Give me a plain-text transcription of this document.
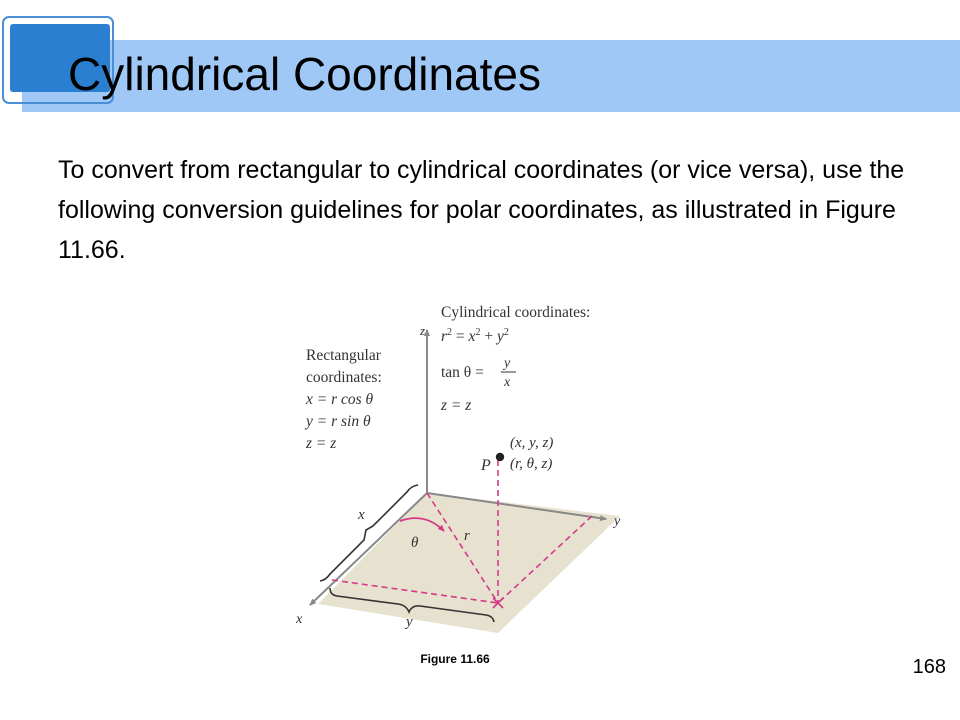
Cylindrical Coordinates

To convert from rectangular to cylindrical coordinates (or vice versa), use the following conversion guidelines for polar coordinates, as illustrated in Figure 11.66.

z
y
x
Rectangular
coordinates:
x = r cos θ
y = r sin θ
z = z
Cylindrical coordinates:
$r^2 = x^2 + y^2$
tan θ =
y
x
z = z
P
(x, y, z)
(r, θ, z)
r
θ
x
y
Figure 11.66	168
